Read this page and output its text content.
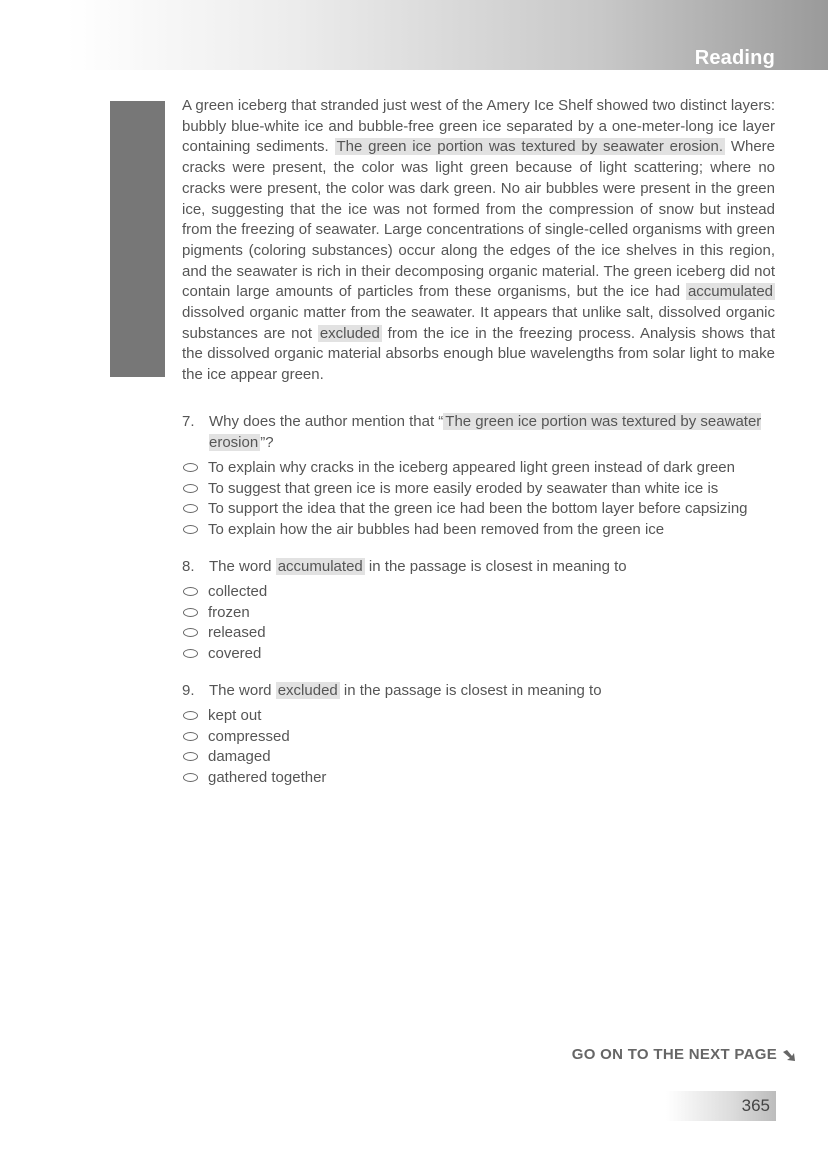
Reading

A green iceberg that stranded just west of the Amery Ice Shelf showed two distinct layers: bubbly blue-white ice and bubble-free green ice separated by a one-meter-long ice layer containing sediments. The green ice portion was textured by seawater erosion. Where cracks were present, the color was light green because of light scattering; where no cracks were present, the color was dark green. No air bubbles were present in the green ice, suggesting that the ice was not formed from the compression of snow but instead from the freezing of seawater. Large concentrations of single-celled organisms with green pigments (coloring substances) occur along the edges of the ice shelves in this region, and the seawater is rich in their decomposing organic material. The green iceberg did not contain large amounts of particles from these organisms, but the ice had accumulated dissolved organic matter from the seawater. It appears that unlike salt, dissolved organic substances are not excluded from the ice in the freezing process. Analysis shows that the dissolved organic material absorbs enough blue wavelengths from solar light to make the ice appear green.

7. Why does the author mention that “ The green ice portion was textured by seawater erosion ”?
To explain why cracks in the iceberg appeared light green instead of dark green
To suggest that green ice is more easily eroded by seawater than white ice is
To support the idea that the green ice had been the bottom layer before capsizing
To explain how the air bubbles had been removed from the green ice
8. The word accumulated in the passage is closest in meaning to
collected
frozen
released
covered
9. The word excluded in the passage is closest in meaning to
kept out
compressed
damaged
gathered together
GO ON TO THE NEXT PAGE
365
